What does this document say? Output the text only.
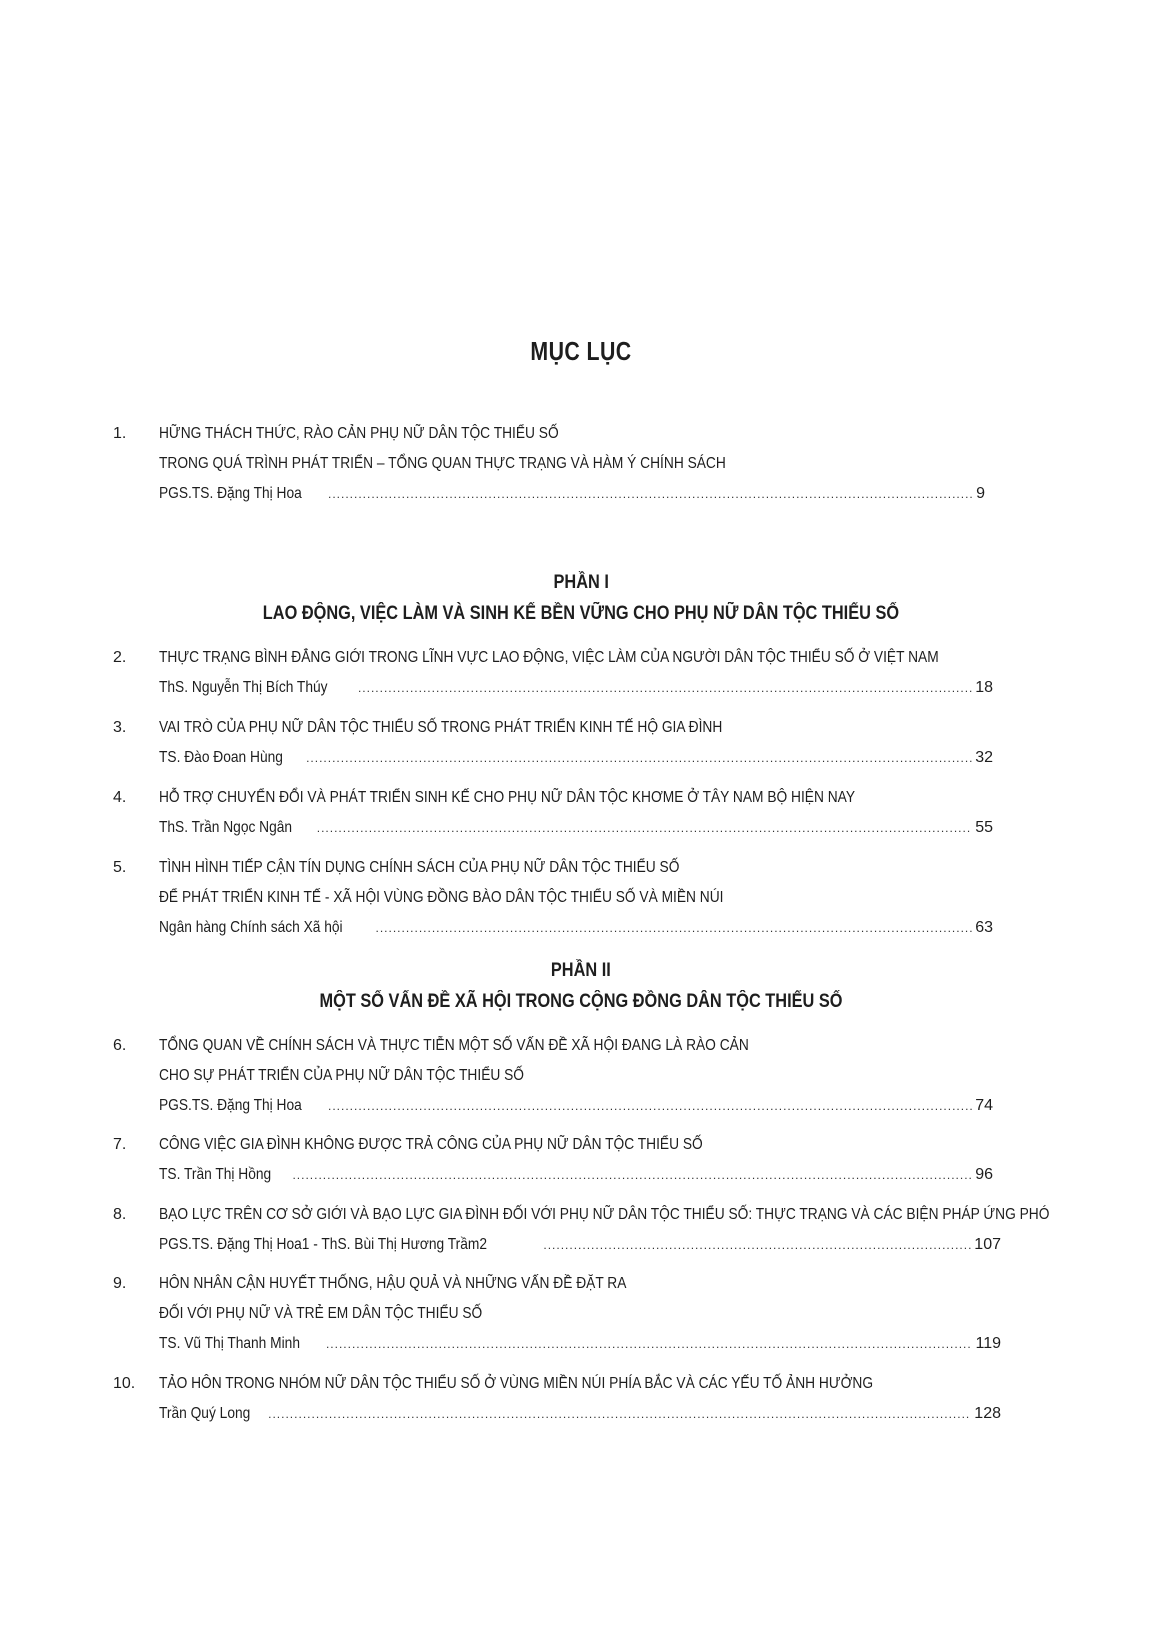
MỤC LỤC
1. HỮNG THÁCH THỨC, RÀO CẢN PHỤ NỮ DÂN TỘC THIỂU SỐ
TRONG QUÁ TRÌNH PHÁT TRIỂN – TỔNG QUAN THỰC TRẠNG VÀ HÀM Ý CHÍNH SÁCH
PGS.TS. Đặng Thị Hoa .....	9
PHẦN I
LAO ĐỘNG, VIỆC LÀM VÀ SINH KẾ BỀN VỮNG CHO PHỤ NỮ DÂN TỘC THIỂU SỐ
2. THỰC TRẠNG BÌNH ĐẲNG GIỚI TRONG LĨNH VỰC LAO ĐỘNG, VIỆC LÀM CỦA NGƯỜI DÂN TỘC THIỂU SỐ Ở VIỆT NAM
ThS. Nguyễn Thị Bích Thúy .....	18
3. VAI TRÒ CỦA PHỤ NỮ DÂN TỘC THIỂU SỐ TRONG PHÁT TRIỂN KINH TẾ HỘ GIA ĐÌNH
TS. Đào Đoan Hùng .....	32
4. HỖ TRỢ CHUYỂN ĐỔI VÀ PHÁT TRIỂN SINH KẾ CHO PHỤ NỮ DÂN TỘC KHƠME Ở TÂY NAM BỘ HIỆN NAY
ThS. Trần Ngọc Ngân .....	55
5. TÌNH HÌNH TIẾP CẬN TÍN DỤNG CHÍNH SÁCH CỦA PHỤ NỮ DÂN TỘC THIỂU SỐ
ĐỂ PHÁT TRIỂN KINH TẾ - XÃ HỘI VÙNG ĐỒNG BÀO DÂN TỘC THIỂU SỐ VÀ MIỀN NÚI
Ngân hàng Chính sách Xã hội .....	63
PHẦN II
MỘT SỐ VẤN ĐỀ XÃ HỘI TRONG CỘNG ĐỒNG DÂN TỘC THIỂU SỐ
6. TỔNG QUAN VỀ CHÍNH SÁCH VÀ THỰC TIỄN MỘT SỐ VẤN ĐỀ XÃ HỘI ĐANG LÀ RÀO CẢN
CHO SỰ PHÁT TRIỂN CỦA PHỤ NỮ DÂN TỘC THIỂU SỐ
PGS.TS. Đặng Thị Hoa .....	74
7. CÔNG VIỆC GIA ĐÌNH KHÔNG ĐƯỢC TRẢ CÔNG CỦA PHỤ NỮ DÂN TỘC THIỂU SỐ
TS. Trần Thị Hồng .....	96
8. BẠO LỰC TRÊN CƠ SỞ GIỚI VÀ BẠO LỰC GIA ĐÌNH ĐỐI VỚI PHỤ NỮ DÂN TỘC THIỂU SỐ: THỰC TRẠNG VÀ CÁC BIỆN PHÁP ỨNG PHÓ
PGS.TS. Đặng Thị Hoa1 - ThS. Bùi Thị Hương Trầm2 .....	107
9. HÔN NHÂN CẬN HUYẾT THỐNG, HẬU QUẢ VÀ NHỮNG VẤN ĐỀ ĐẶT RA
ĐỐI VỚI PHỤ NỮ VÀ TRẺ EM DÂN TỘC THIỂU SỐ
TS. Vũ Thị Thanh Minh .....	119
10. TẢO HÔN TRONG NHÓM NỮ DÂN TỘC THIỂU SỐ Ở VÙNG MIỀN NÚI PHÍA BẮC VÀ CÁC YẾU TỐ ẢNH HƯỞNG
Trần Quý Long .....	128
